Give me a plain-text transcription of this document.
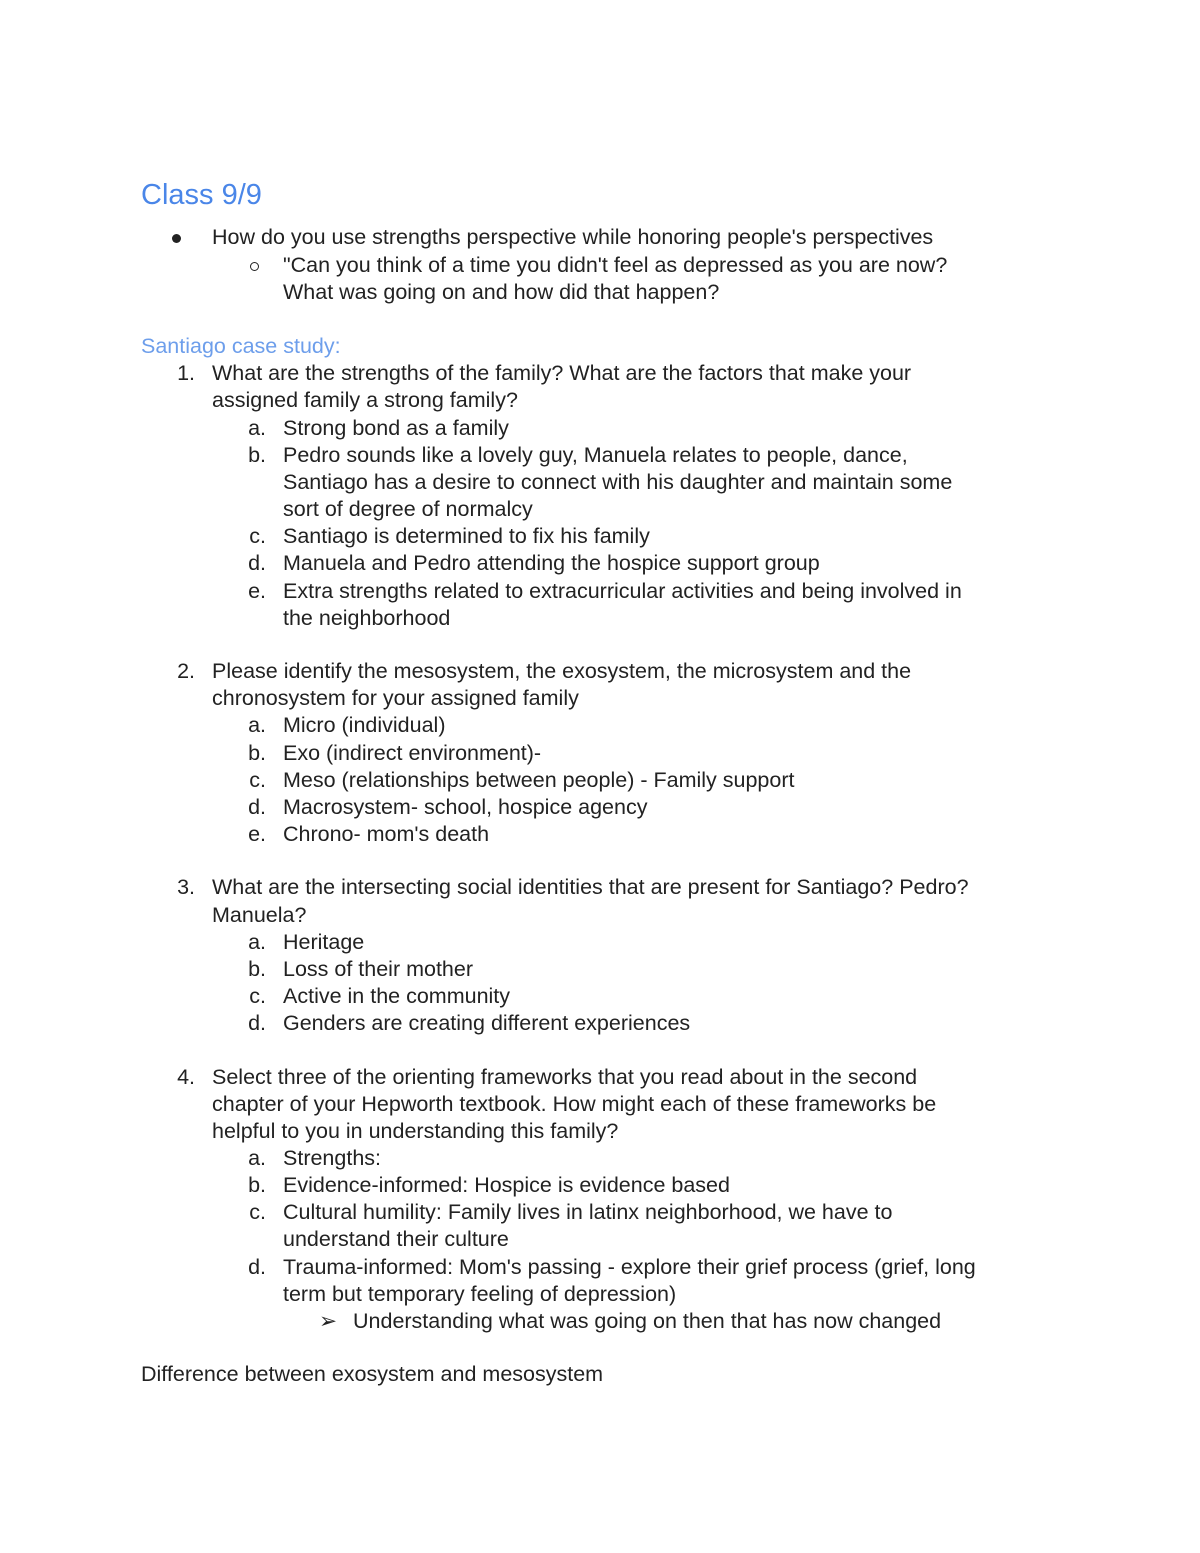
Class 9/9
How do you use strengths perspective while honoring people's perspectives
"Can you think of a time you didn't feel as depressed as you are now?
What was going on and how did that happen?
Santiago case study:
1. What are the strengths of the family? What are the factors that make your
assigned family a strong family?
a. Strong bond as a family
b. Pedro sounds like a lovely guy, Manuela relates to people, dance,
Santiago has a desire to connect with his daughter and maintain some
sort of degree of normalcy
c. Santiago is determined to fix his family
d. Manuela and Pedro attending the hospice support group
e. Extra strengths related to extracurricular activities and being involved in
the neighborhood
2. Please identify the mesosystem, the exosystem, the microsystem and the
chronosystem for your assigned family
a. Micro (individual)
b. Exo (indirect environment)-
c. Meso (relationships between people) - Family support
d. Macrosystem- school, hospice agency
e. Chrono- mom's death
3. What are the intersecting social identities that are present for Santiago? Pedro?
Manuela?
a. Heritage
b. Loss of their mother
c. Active in the community
d. Genders are creating different experiences
4. Select three of the orienting frameworks that you read about in the second
chapter of your Hepworth textbook. How might each of these frameworks be
helpful to you in understanding this family?
a. Strengths:
b. Evidence-informed: Hospice is evidence based
c. Cultural humility: Family lives in latinx neighborhood, we have to
understand their culture
d. Trauma-informed: Mom's passing - explore their grief process (grief, long
term but temporary feeling of depression)
➢ Understanding what was going on then that has now changed
Difference between exosystem and mesosystem
